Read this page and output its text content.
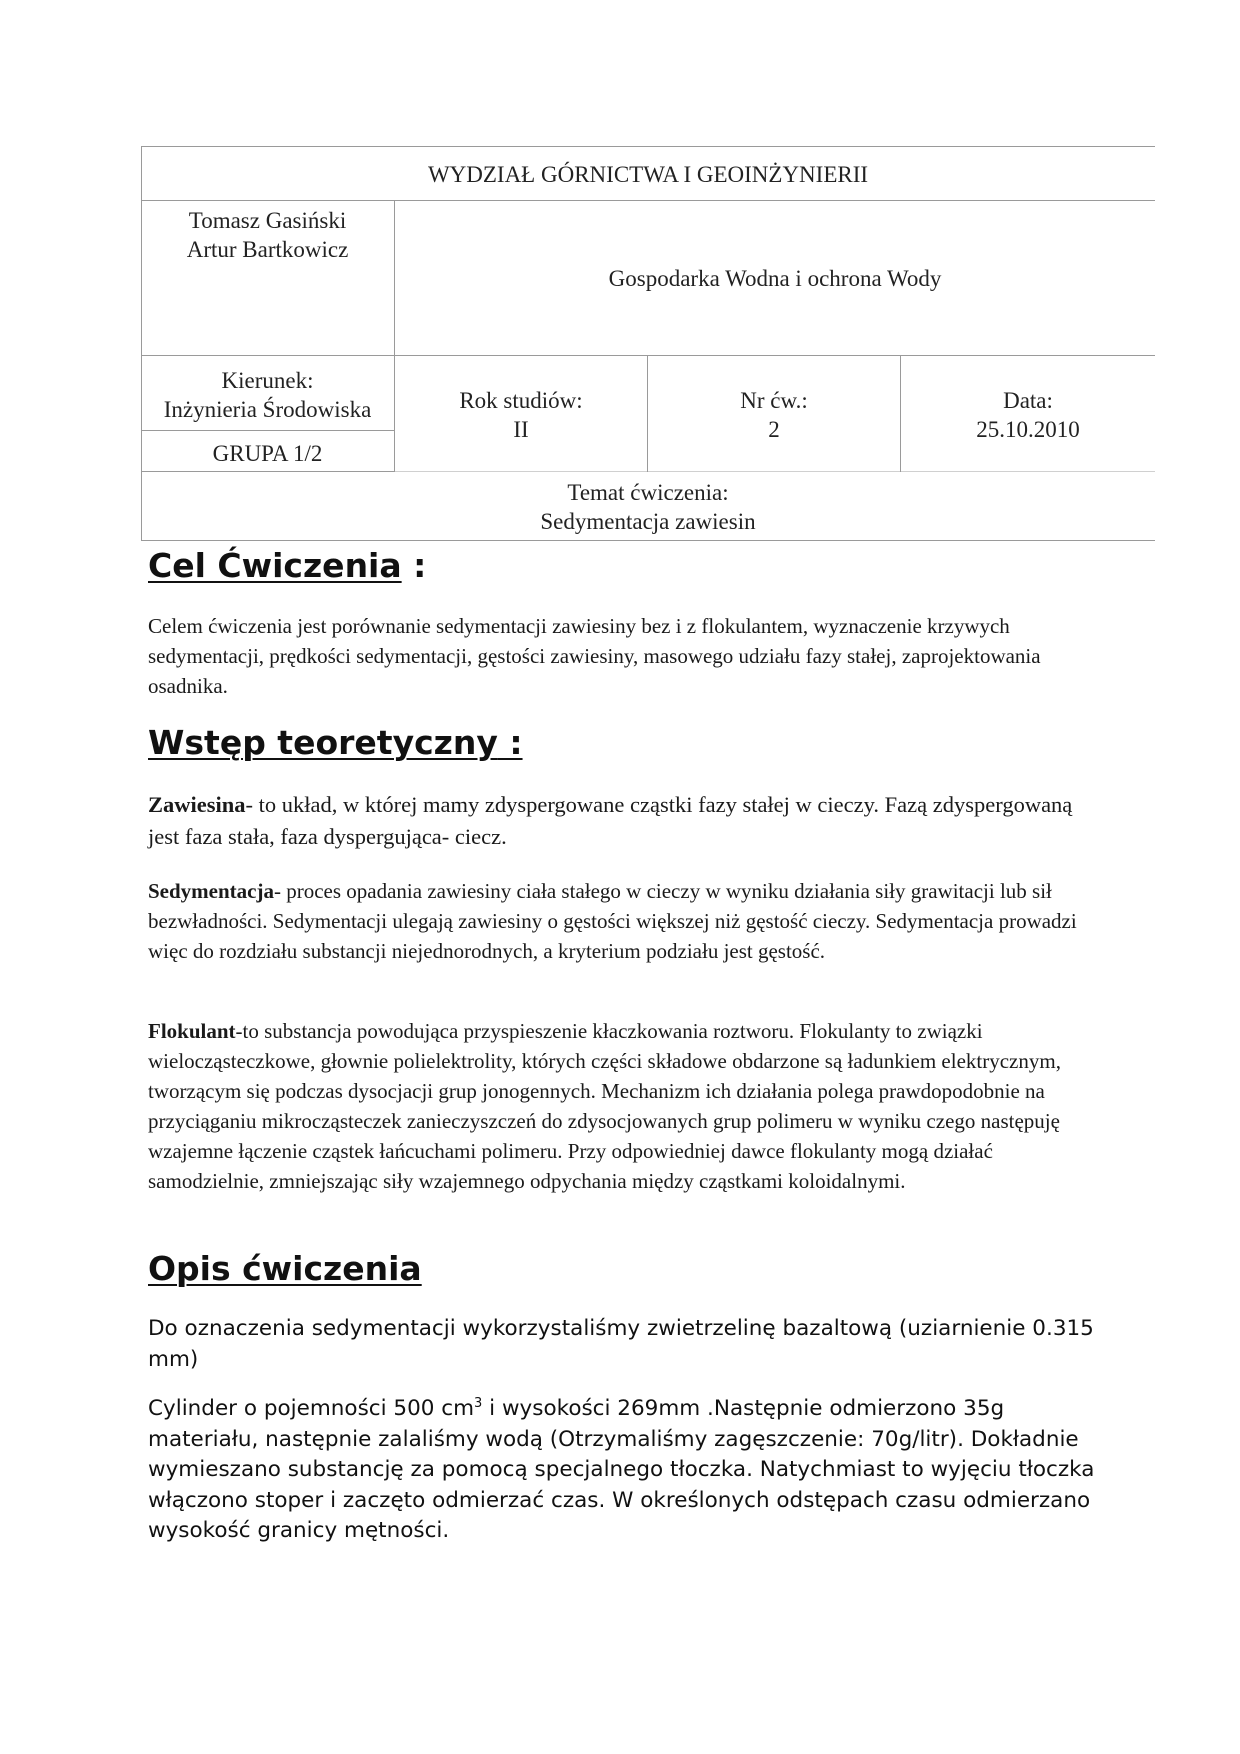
WYDZIAŁ GÓRNICTWA I GEOINŻYNIERII
Tomasz Gasiński
Artur Bartkowicz
Gospodarka Wodna i ochrona Wody
Kierunek:
Inżynieria Środowiska
GRUPA 1/2
Rok studiów:
II
Nr ćw.:
2
Data:
25.10.2010
Temat ćwiczenia:
Sedymentacja zawiesin
Cel Ćwiczenia :

Celem ćwiczenia jest porównanie sedymentacji zawiesiny bez i z flokulantem, wyznaczenie krzywych sedymentacji, prędkości sedymentacji, gęstości zawiesiny, masowego udziału fazy stałej, zaprojektowania osadnika.

Wstęp teoretyczny :

Zawiesina- to układ, w której mamy zdyspergowane cząstki fazy stałej w cieczy. Fazą zdyspergowaną jest faza stała, faza dyspergująca- ciecz.

Sedymentacja- proces opadania zawiesiny ciała stałego w cieczy w wyniku działania siły grawitacji lub sił bezwładności. Sedymentacji ulegają zawiesiny o gęstości większej niż gęstość cieczy. Sedymentacja prowadzi więc do rozdziału substancji niejednorodnych, a kryterium podziału jest gęstość.

Flokulant-to substancja powodująca przyspieszenie kłaczkowania roztworu. Flokulanty to związki wielocząsteczkowe, głownie polielektrolity, których części składowe obdarzone są ładunkiem elektrycznym, tworzącym się podczas dysocjacji grup jonogennych. Mechanizm ich działania polega prawdopodobnie na przyciąganiu mikrocząsteczek zanieczyszczeń do zdysocjowanych grup polimeru w wyniku czego następuję wzajemne łączenie cząstek łańcuchami polimeru. Przy odpowiedniej dawce flokulanty mogą działać samodzielnie, zmniejszając siły wzajemnego odpychania między cząstkami koloidalnymi.

Opis ćwiczenia

Do oznaczenia sedymentacji wykorzystaliśmy zwietrzelinę bazaltową (uziarnienie 0.315 mm)

Cylinder o pojemności 500 $cm^3$ i wysokości 269mm .Następnie odmierzono 35g materiału, następnie zalaliśmy wodą (Otrzymaliśmy zagęszczenie: 70g/litr). Dokładnie wymieszano substancję za pomocą specjalnego tłoczka. Natychmiast to wyjęciu tłoczka włączono stoper i zaczęto odmierzać czas. W określonych odstępach czasu odmierzano wysokość granicy mętności.
